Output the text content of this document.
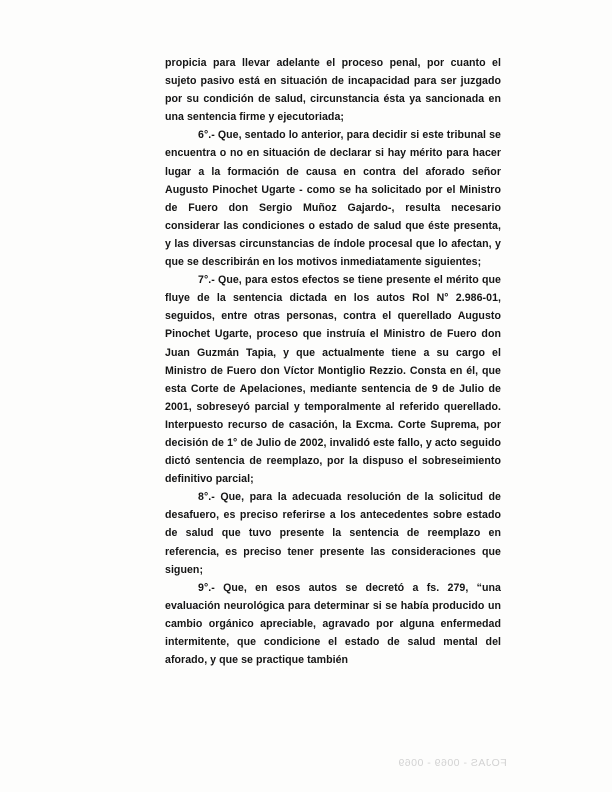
propicia para llevar adelante el proceso penal, por cuanto el sujeto pasivo está en situación de incapacidad para ser juzgado por su condición de salud, circunstancia ésta ya sancionada en una sentencia firme y ejecutoriada;

6°.- Que, sentado lo anterior, para decidir si este tribunal se encuentra o no en situación de declarar si hay mérito para hacer lugar a la formación de causa en contra del aforado señor Augusto Pinochet Ugarte - como se ha solicitado por el Ministro de Fuero don Sergio Muñoz Gajardo-, resulta necesario considerar las condiciones o estado de salud que éste presenta, y las diversas circunstancias de índole procesal que lo afectan, y que se describirán en los motivos inmediatamente siguientes;

7°.- Que, para estos efectos se tiene presente el mérito que fluye de la sentencia dictada en los autos Rol N° 2.986-01, seguidos, entre otras personas, contra el querellado Augusto Pinochet Ugarte, proceso que instruía el Ministro de Fuero don Juan Guzmán Tapia, y que actualmente tiene a su cargo el Ministro de Fuero don Víctor Montiglio Rezzio. Consta en él, que esta Corte de Apelaciones, mediante sentencia de 9 de Julio de 2001, sobreseyó parcial y temporalmente al referido querellado. Interpuesto recurso de casación, la Excma. Corte Suprema, por decisión de 1° de Julio de 2002, invalidó este fallo, y acto seguido dictó sentencia de reemplazo, por la dispuso el sobreseimiento definitivo parcial;

8°.- Que, para la adecuada resolución de la solicitud de desafuero, es preciso referirse a los antecedentes sobre estado de salud que tuvo presente la sentencia de reemplazo en referencia, es preciso tener presente las consideraciones que siguen;

9°.- Que, en esos autos se decretó a fs. 279, “una evaluación neurológica para determinar si se había producido un cambio orgánico apreciable, agravado por alguna enfermedad intermitente, que condicione el estado de salud mental del aforado, y que se practique también

FOJAS - 0069 - 0069
